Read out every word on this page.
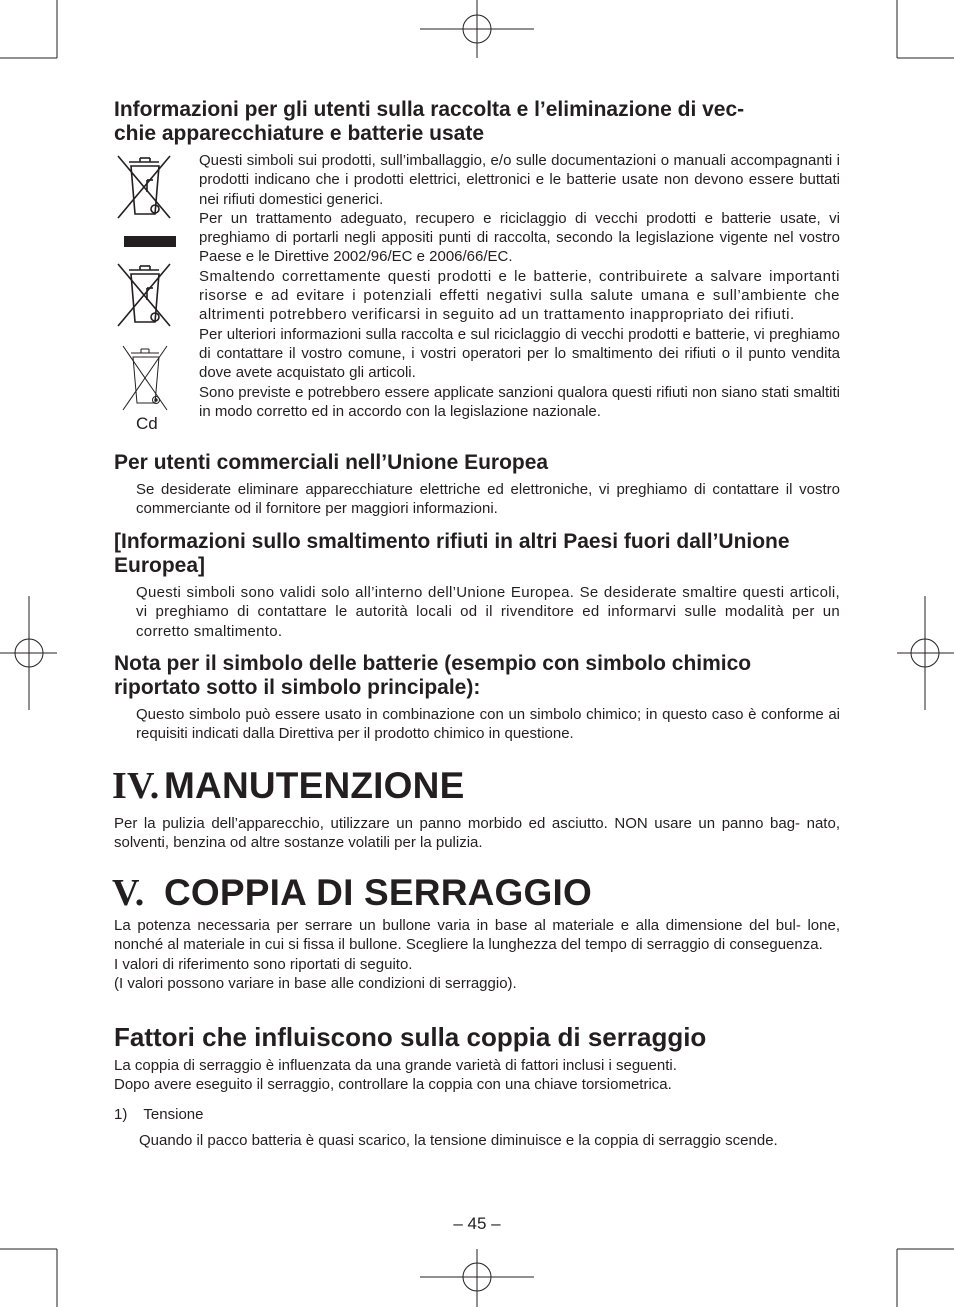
Informazioni per gli utenti sulla raccolta e l’eliminazione di vec-
chie apparecchiature e batterie usate
Cd
Questi simboli sui prodotti, sull’imballaggio, e/o sulle documentazioni o manuali accompagnanti i prodotti indicano che i prodotti elettrici, elettronici e le batterie usate non devono essere buttati nei rifiuti domestici generici.
Per un trattamento adeguato, recupero e riciclaggio di vecchi prodotti e batterie usate, vi preghiamo di portarli negli appositi punti di raccolta, secondo la legislazione vigente nel vostro Paese e le Direttive 2002/96/EC e 2006/66/EC.
Smaltendo correttamente questi prodotti e le batterie, contribuirete a salvare importanti risorse e ad evitare i potenziali effetti negativi sulla salute umana e sull’ambiente che altrimenti potrebbero verificarsi in seguito ad un trattamento inappropriato dei rifiuti.
Per ulteriori informazioni sulla raccolta e sul riciclaggio di vecchi prodotti e batterie, vi preghiamo di contattare il vostro comune, i vostri operatori per lo smaltimento dei rifiuti o il punto vendita dove avete acquistato gli articoli.
Sono previste e potrebbero essere applicate sanzioni qualora questi rifiuti non siano stati smaltiti in modo corretto ed in accordo con la legislazione nazionale.
Per utenti commerciali nell’Unione Europea
Se desiderate eliminare apparecchiature elettriche ed elettroniche, vi preghiamo di contattare il vostro commerciante od il fornitore per maggiori informazioni.
[Informazioni sullo smaltimento rifiuti in altri Paesi fuori dall’Unione
Europea]
Questi simboli sono validi solo all’interno dell’Unione Europea. Se desiderate smaltire questi articoli, vi preghiamo di contattare le autorità locali od il rivenditore ed informarvi sulle modalità per un corretto smaltimento.
Nota per il simbolo delle batterie (esempio con simbolo chimico
riportato sotto il simbolo principale):
Questo simbolo può essere usato in combinazione con un simbolo chimico; in questo caso è conforme ai requisiti indicati dalla Direttiva per il prodotto chimico in questione.
IV. MANUTENZIONE
Per la pulizia dell’apparecchio, utilizzare un panno morbido ed asciutto. NON usare un panno bag- nato, solventi, benzina od altre sostanze volatili per la pulizia.
V. COPPIA DI SERRAGGIO
La potenza necessaria per serrare un bullone varia in base al materiale e alla dimensione del bul- lone, nonché al materiale in cui si fissa il bullone. Scegliere la lunghezza del tempo di serraggio di conseguenza.
I valori di riferimento sono riportati di seguito.
(I valori possono variare in base alle condizioni di serraggio).
Fattori che influiscono sulla coppia di serraggio
La coppia di serraggio è influenzata da una grande varietà di fattori inclusi i seguenti.
Dopo avere eseguito il serraggio, controllare la coppia con una chiave torsiometrica.
1) Tensione
Quando il pacco batteria è quasi scarico, la tensione diminuisce e la coppia di serraggio scende.
– 45 –
